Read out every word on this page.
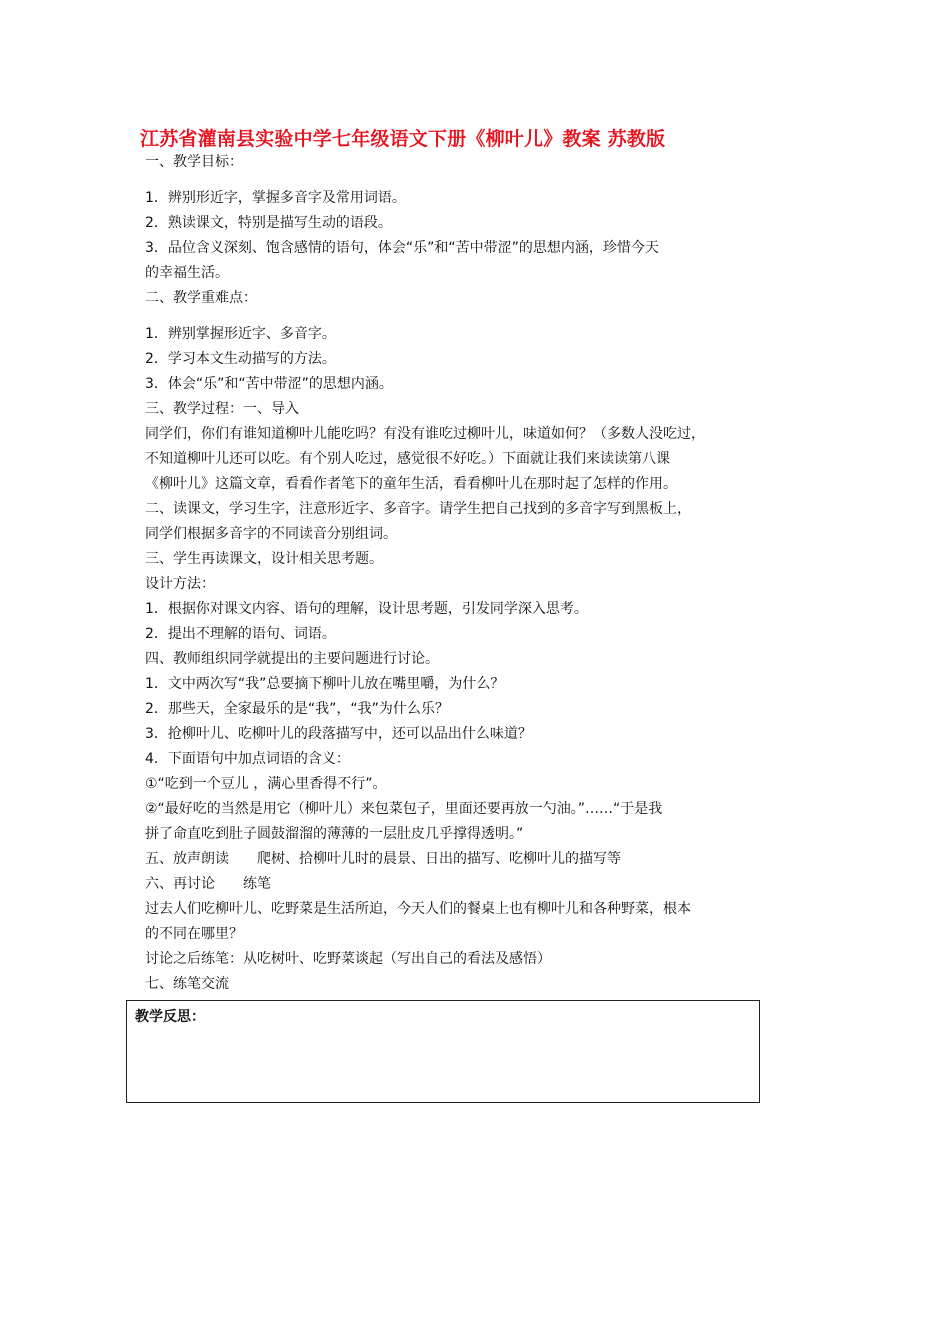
江苏省灌南县实验中学七年级语文下册《柳叶儿》教案 苏教版
一、教学目标：
1．辨别形近字，掌握多音字及常用词语。
2．熟读课文，特别是描写生动的语段。
3．品位含义深刻、饱含感情的语句，体会“乐”和“苦中带涩”的思想内涵，珍惜今天
的幸福生活。
二、教学重难点：
1．辨别掌握形近字、多音字。
2．学习本文生动描写的方法。
3．体会“乐”和“苦中带涩”的思想内涵。
三、教学过程：一、导入
同学们，你们有谁知道柳叶儿能吃吗？有没有谁吃过柳叶儿，味道如何？（多数人没吃过，
不知道柳叶儿还可以吃。有个别人吃过，感觉很不好吃。）下面就让我们来读读第八课
《柳叶儿》这篇文章，看看作者笔下的童年生活，看看柳叶儿在那时起了怎样的作用。
二、读课文，学习生字，注意形近字、多音字。请学生把自己找到的多音字写到黑板上，
同学们根据多音字的不同读音分别组词。
三、学生再读课文，设计相关思考题。
设计方法：
1．根据你对课文内容、语句的理解，设计思考题，引发同学深入思考。
2．提出不理解的语句、词语。
四、教师组织同学就提出的主要问题进行讨论。
1．文中两次写“我”总要摘下柳叶儿放在嘴里嚼，为什么？
2．那些天，全家最乐的是“我”，“我”为什么乐？
3．抢柳叶儿、吃柳叶儿的段落描写中，还可以品出什么味道？
4．下面语句中加点词语的含义：
①“吃到一个豆儿 ，满心里香得不行”。
②“最好吃的当然是用它（柳叶儿）来包菜包子，里面还要再放一勺油。”……“于是我
拼了命直吃到肚子圆鼓溜溜的薄薄的一层肚皮几乎撑得透明。”
五、放声朗读　　爬树、拾柳叶儿时的晨景、日出的描写、吃柳叶儿的描写等
六、再讨论　　练笔
过去人们吃柳叶儿、吃野菜是生活所迫，今天人们的餐桌上也有柳叶儿和各种野菜，根本
的不同在哪里？
讨论之后练笔：从吃树叶、吃野菜谈起（写出自己的看法及感悟）
七、练笔交流
教学反思：
